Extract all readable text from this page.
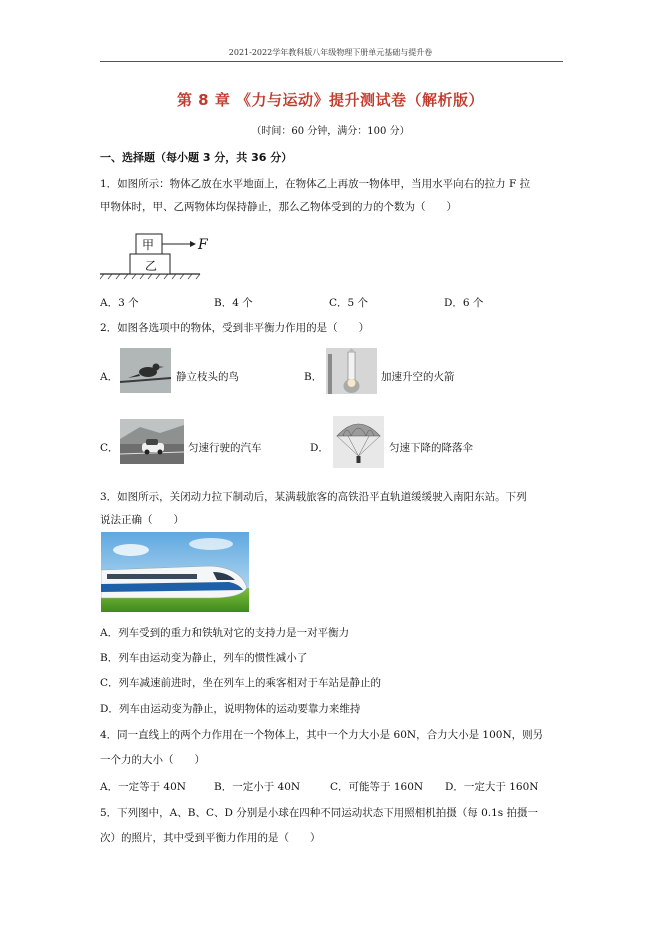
2021-2022学年教科版八年级物理下册单元基础与提升卷
第 8 章 《力与运动》提升测试卷（解析版）
（时间：60 分钟，满分：100 分）
一、选择题（每小题 3 分，共 36 分）
1．如图所示：物体乙放在水平地面上，在物体乙上再放一物体甲，当用水平向右的拉力 F 拉
甲物体时，甲、乙两物体均保持静止，那么乙物体受到的力的个数为（　　）
甲
乙
F
A．3 个	B．4 个	C．5 个	D．6 个
2．如图各选项中的物体，受到非平衡力作用的是（　　）
A．	静立枝头的鸟	B．	加速升空的火箭
C．	匀速行驶的汽车	D．	匀速下降的降落伞
3．如图所示，关闭动力拉下制动后，某满载旅客的高铁沿平直轨道缓缓驶入南阳东站。下列
说法正确（　　）
A．列车受到的重力和铁轨对它的支持力是一对平衡力
B．列车由运动变为静止，列车的惯性减小了
C．列车减速前进时，坐在列车上的乘客相对于车站是静止的
D．列车由运动变为静止，说明物体的运动要靠力来维持
4．同一直线上的两个力作用在一个物体上，其中一个力大小是 60N，合力大小是 100N，则另
一个力的大小（　　）
A．一定等于 40N	B．一定小于 40N	C．可能等于 160N D．一定大于 160N
5．下列图中，A、B、C、D 分别是小球在四种不同运动状态下用照相机拍摄（每 0.1s 拍摄一
次）的照片，其中受到平衡力作用的是（　　）
